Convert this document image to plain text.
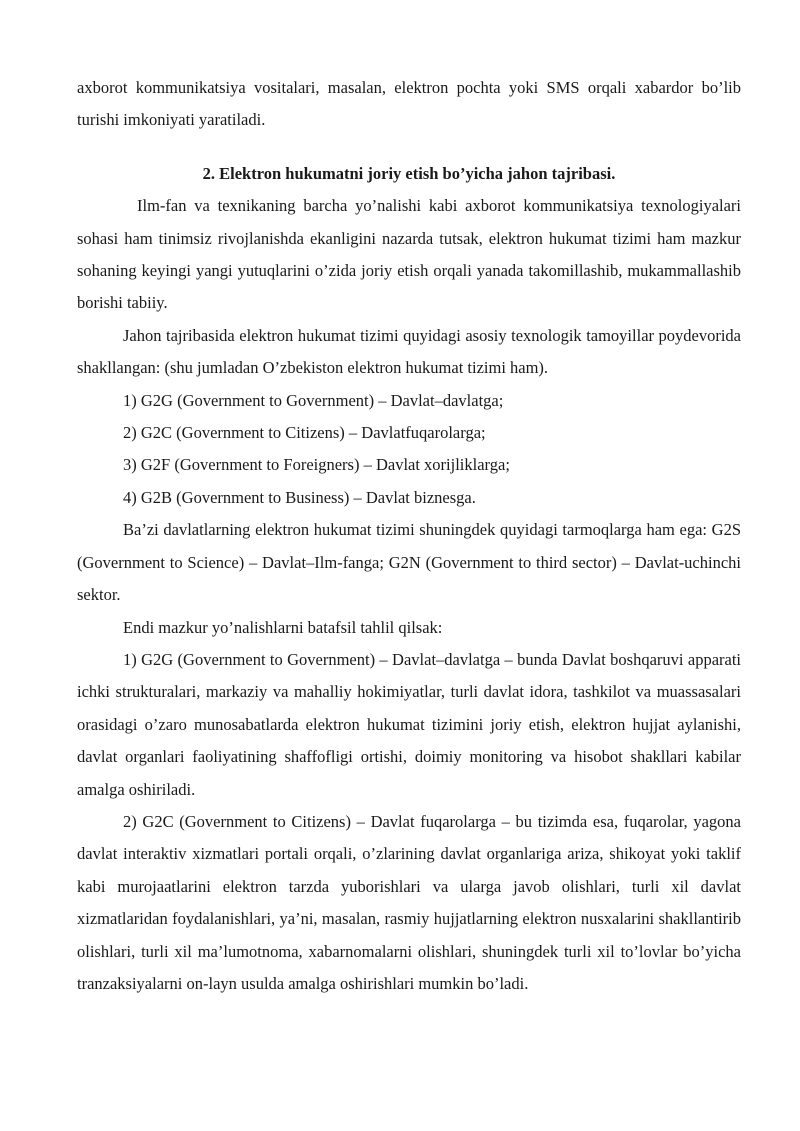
axborot kommunikatsiya vositalari, masalan, elektron pochta yoki SMS orqali xabardor bo’lib turishi imkoniyati yaratiladi.

2. Elektron hukumatni joriy etish bo’yicha jahon tajribasi.

Ilm-fan va texnikaning barcha yo’nalishi kabi axborot kommunikatsiya texnologiyalari sohasi ham tinimsiz rivojlanishda ekanligini nazarda tutsak, elektron hukumat tizimi ham mazkur sohaning keyingi yangi yutuqlarini o’zida joriy etish orqali yanada takomillashib, mukammallashib borishi tabiiy.

Jahon tajribasida elektron hukumat tizimi quyidagi asosiy texnologik tamoyillar poydevorida shakllangan: (shu jumladan O’zbekiston elektron hukumat tizimi ham).

1) G2G (Government to Government) – Davlat–davlatga;

2) G2C (Government to Citizens) – Davlatfuqarolarga;

3) G2F (Government to Foreigners) – Davlat xorijliklarga;

4) G2B (Government to Business) – Davlat biznesga.

Ba’zi davlatlarning elektron hukumat tizimi shuningdek quyidagi tarmoqlarga ham ega: G2S (Government to Science) – Davlat–Ilm-fanga; G2N (Government to third sector) – Davlat-uchinchi sektor.

Endi mazkur yo’nalishlarni batafsil tahlil qilsak:

1) G2G (Government to Government) – Davlat–davlatga – bunda Davlat boshqaruvi apparati ichki strukturalari, markaziy va mahalliy hokimiyatlar, turli davlat idora, tashkilot va muassasalari orasidagi o’zaro munosabatlarda elektron hukumat tizimini joriy etish, elektron hujjat aylanishi, davlat organlari faoliyatining shaffofligi ortishi, doimiy monitoring va hisobot shakllari kabilar amalga oshiriladi.

2) G2C (Government to Citizens) – Davlat fuqarolarga – bu tizimda esa, fuqarolar, yagona davlat interaktiv xizmatlari portali orqali, o’zlarining davlat organlariga ariza, shikoyat yoki taklif kabi murojaatlarini elektron tarzda yuborishlari va ularga javob olishlari, turli xil davlat xizmatlaridan foydalanishlari, ya’ni, masalan, rasmiy hujjatlarning elektron nusxalarini shakllantirib olishlari, turli xil ma’lumotnoma, xabarnomalarni olishlari, shuningdek turli xil to’lovlar bo’yicha tranzaksiyalarni on-layn usulda amalga oshirishlari mumkin bo’ladi.
